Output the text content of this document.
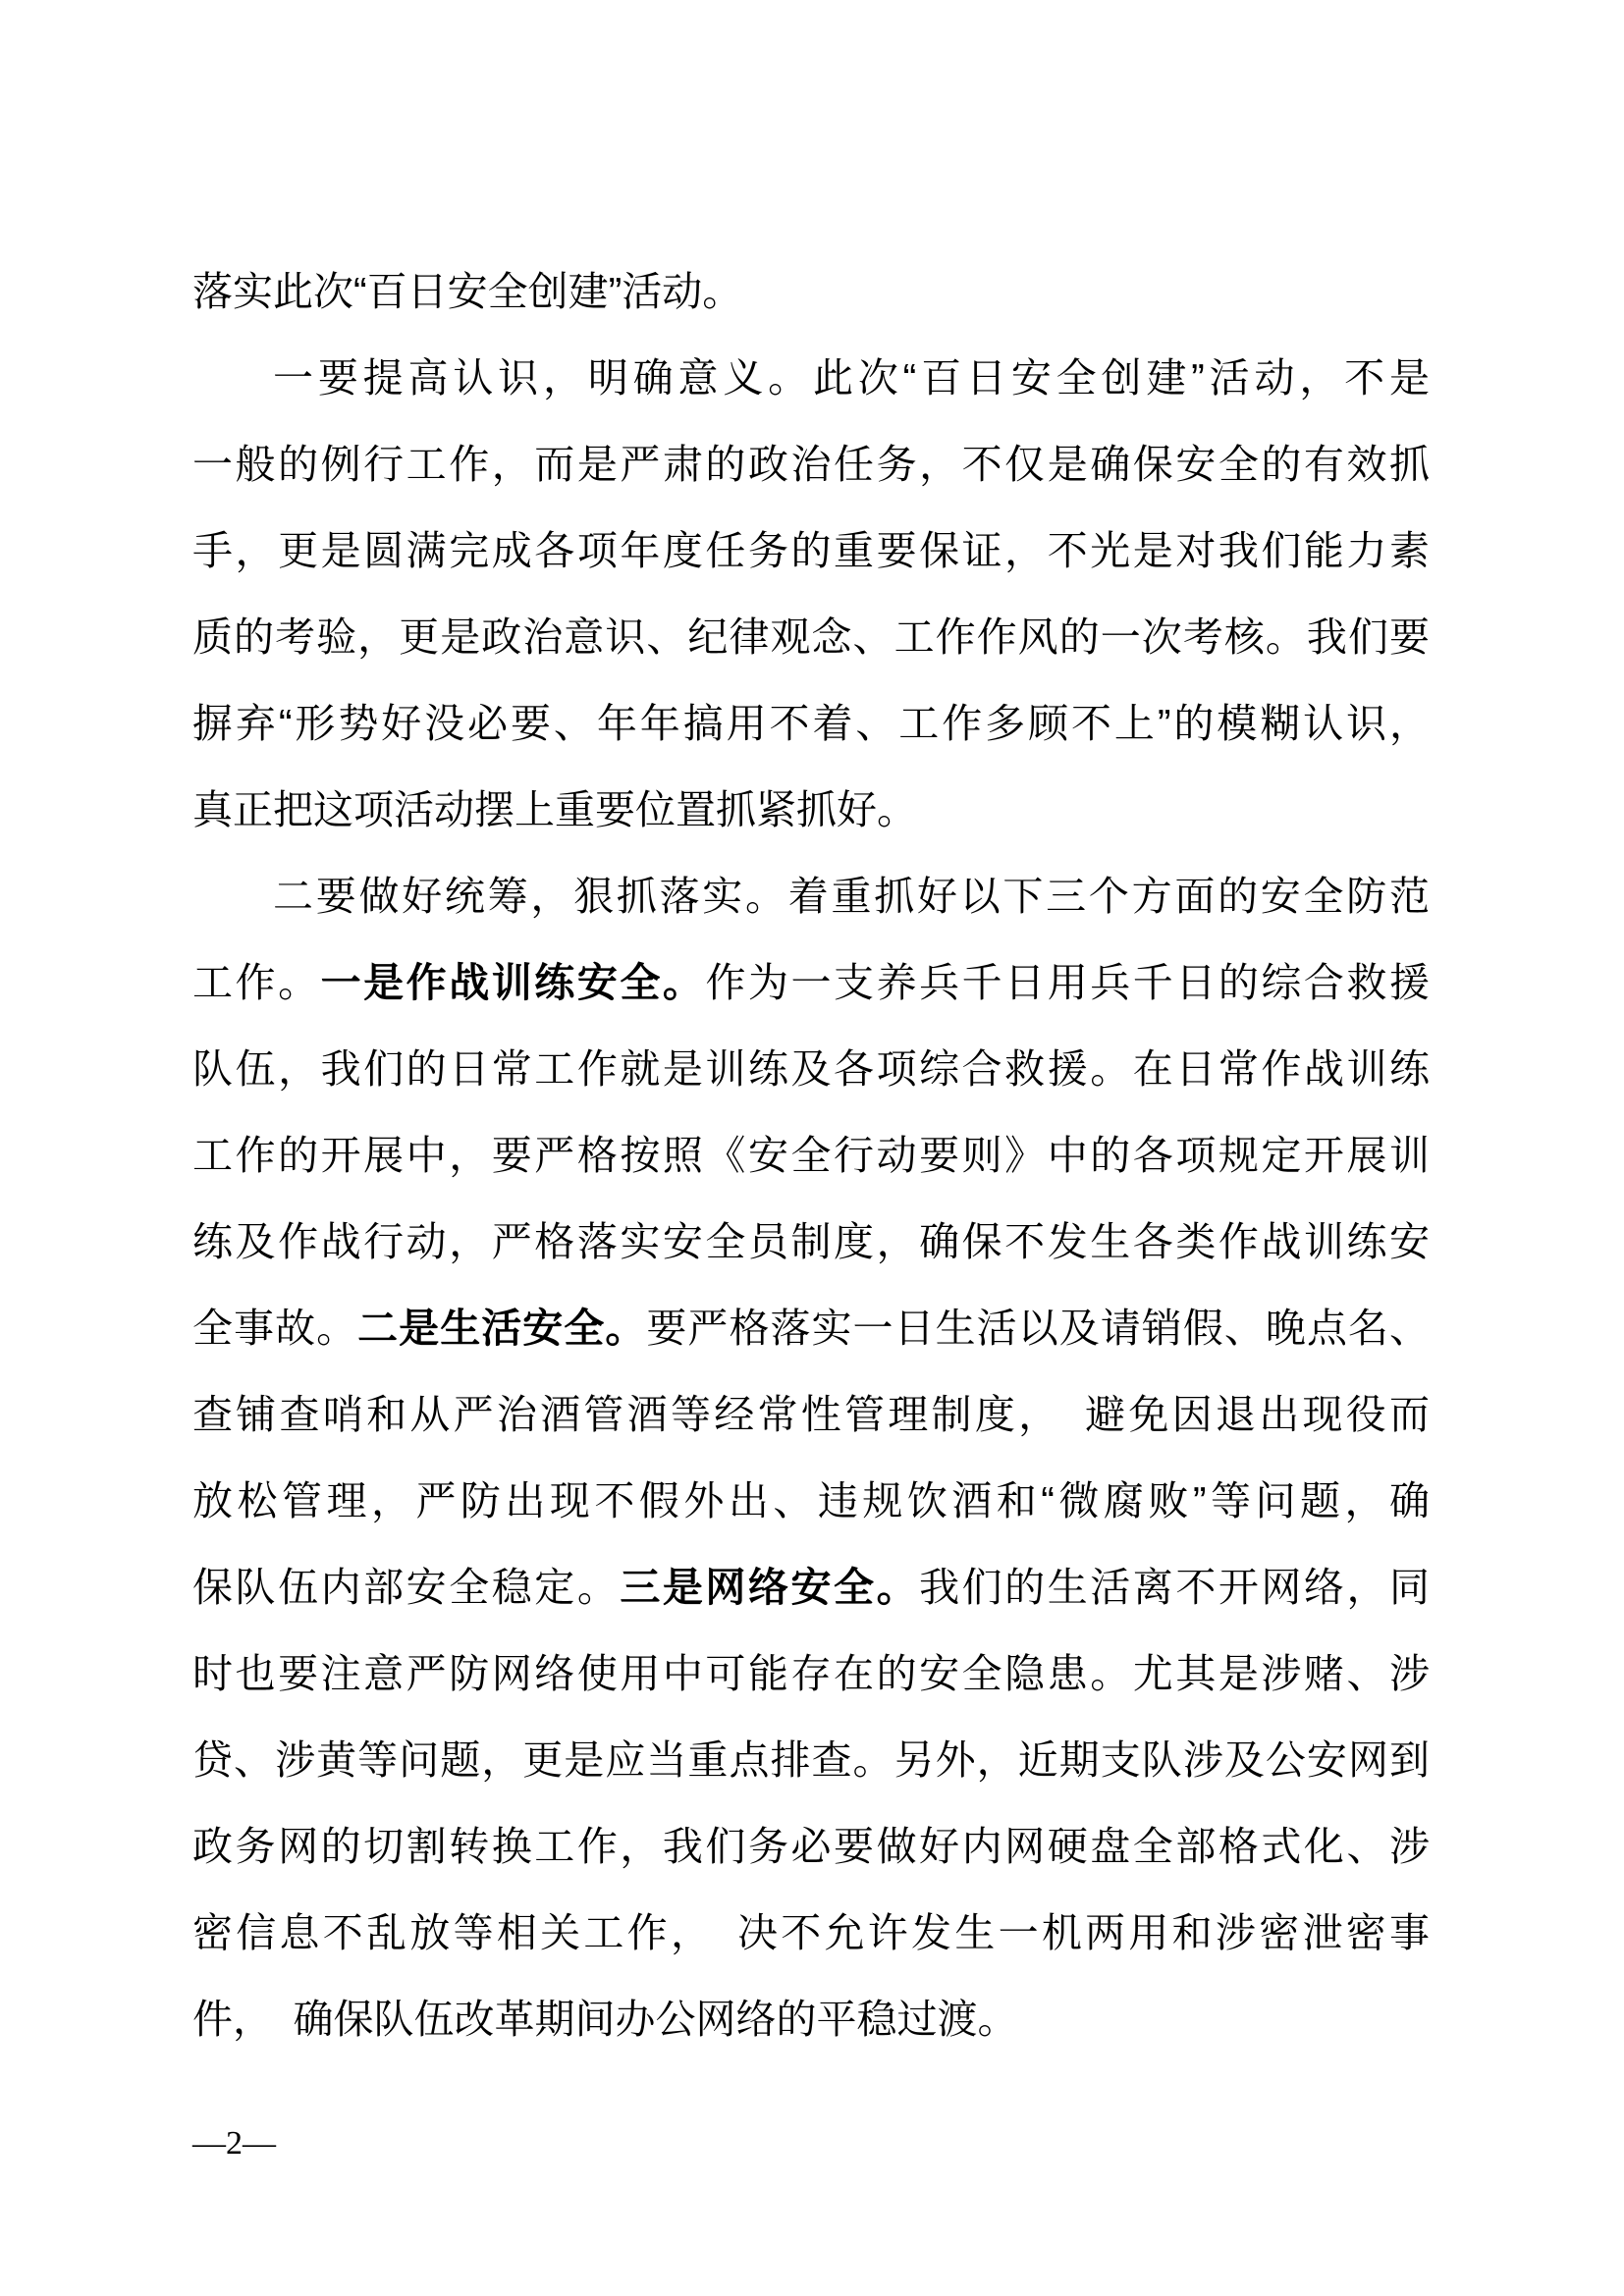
落实此次“百日安全创建”活动。
一要提高认识，明确意义。此次“百日安全创建”活动，不是
一般的例行工作，而是严肃的政治任务，不仅是确保安全的有效抓
手，更是圆满完成各项年度任务的重要保证，不光是对我们能力素
质的考验，更是政治意识、纪律观念、工作作风的一次考核。我们要
摒弃“形势好没必要、年年搞用不着、工作多顾不上”的模糊认识，
真正把这项活动摆上重要位置抓紧抓好。
二要做好统筹，狠抓落实。着重抓好以下三个方面的安全防范
工作。一是作战训练安全。作为一支养兵千日用兵千日的综合救援
队伍，我们的日常工作就是训练及各项综合救援。在日常作战训练
工作的开展中，要严格按照《安全行动要则》中的各项规定开展训
练及作战行动，严格落实安全员制度，确保不发生各类作战训练安
全事故。二是生活安全。要严格落实一日生活以及请销假、晚点名、
查铺查哨和从严治酒管酒等经常性管理制度，　避免因退出现役而
放松管理，严防出现不假外出、违规饮酒和“微腐败”等问题，确
保队伍内部安全稳定。三是网络安全。我们的生活离不开网络，同
时也要注意严防网络使用中可能存在的安全隐患。尤其是涉赌、涉
贷、涉黄等问题，更是应当重点排查。另外，近期支队涉及公安网到
政务网的切割转换工作，我们务必要做好内网硬盘全部格式化、涉
密信息不乱放等相关工作，　决不允许发生一机两用和涉密泄密事
件，　确保队伍改革期间办公网络的平稳过渡。
—2—
